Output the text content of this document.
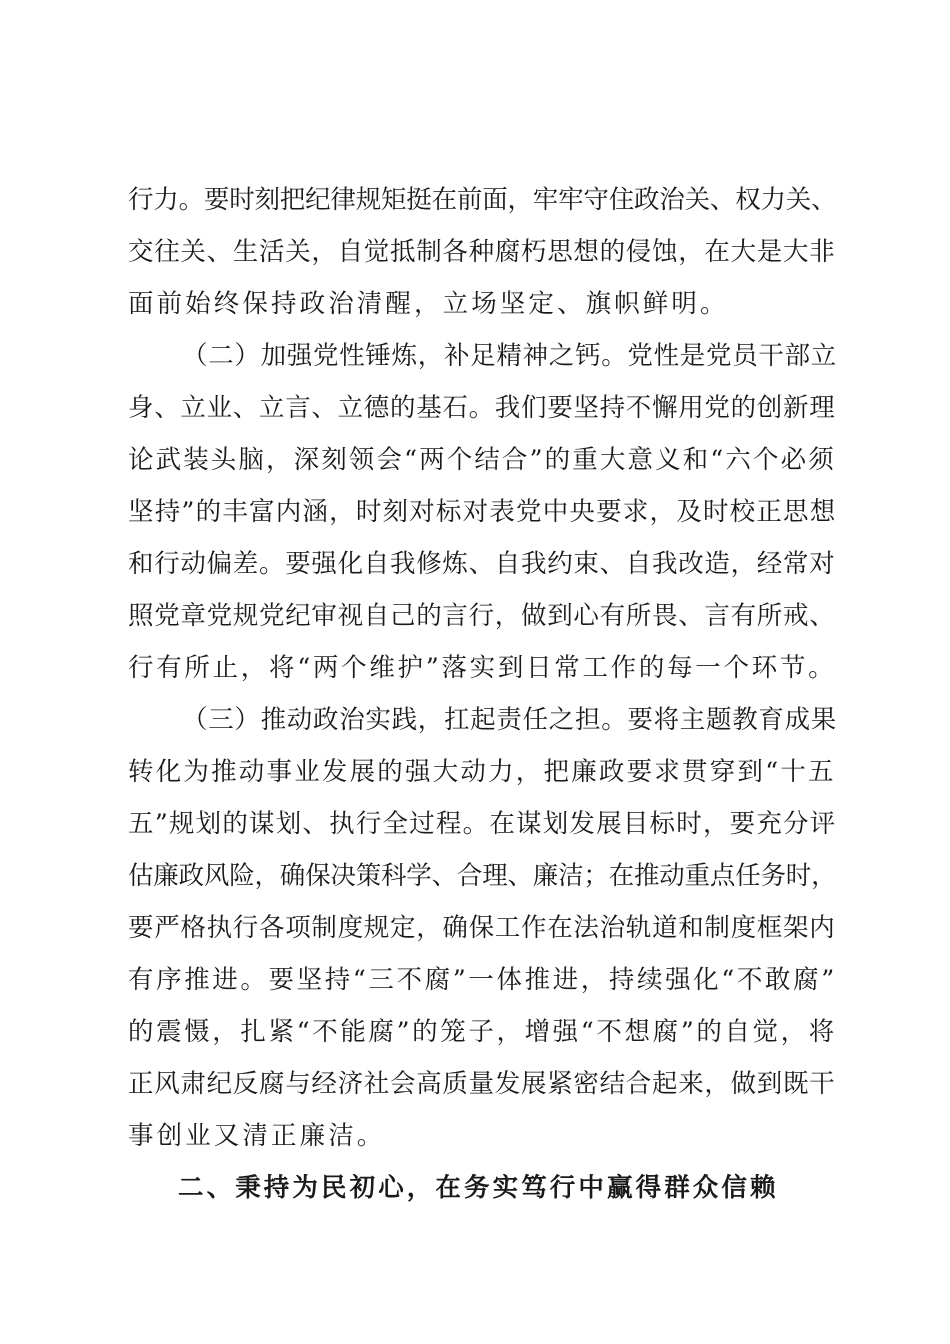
行力。要时刻把纪律规矩挺在前面，牢牢守住政治关、权力关、
交往关、生活关，自觉抵制各种腐朽思想的侵蚀，在大是大非
面前始终保持政治清醒，立场坚定、旗帜鲜明。
（二）加强党性锤炼，补足精神之钙。党性是党员干部立
身、立业、立言、立德的基石。我们要坚持不懈用党的创新理
论武装头脑，深刻领会“两个结合”的重大意义和“六个必须
坚持”的丰富内涵，时刻对标对表党中央要求，及时校正思想
和行动偏差。要强化自我修炼、自我约束、自我改造，经常对
照党章党规党纪审视自己的言行，做到心有所畏、言有所戒、
行有所止，将“两个维护”落实到日常工作的每一个环节。
（三）推动政治实践，扛起责任之担。要将主题教育成果
转化为推动事业发展的强大动力，把廉政要求贯穿到“十五
五”规划的谋划、执行全过程。在谋划发展目标时，要充分评
估廉政风险，确保决策科学、合理、廉洁；在推动重点任务时，
要严格执行各项制度规定，确保工作在法治轨道和制度框架内
有序推进。要坚持“三不腐”一体推进，持续强化“不敢腐”
的震慑，扎紧“不能腐”的笼子，增强“不想腐”的自觉，将
正风肃纪反腐与经济社会高质量发展紧密结合起来，做到既干
事创业又清正廉洁。
二、秉持为民初心，在务实笃行中赢得群众信赖
